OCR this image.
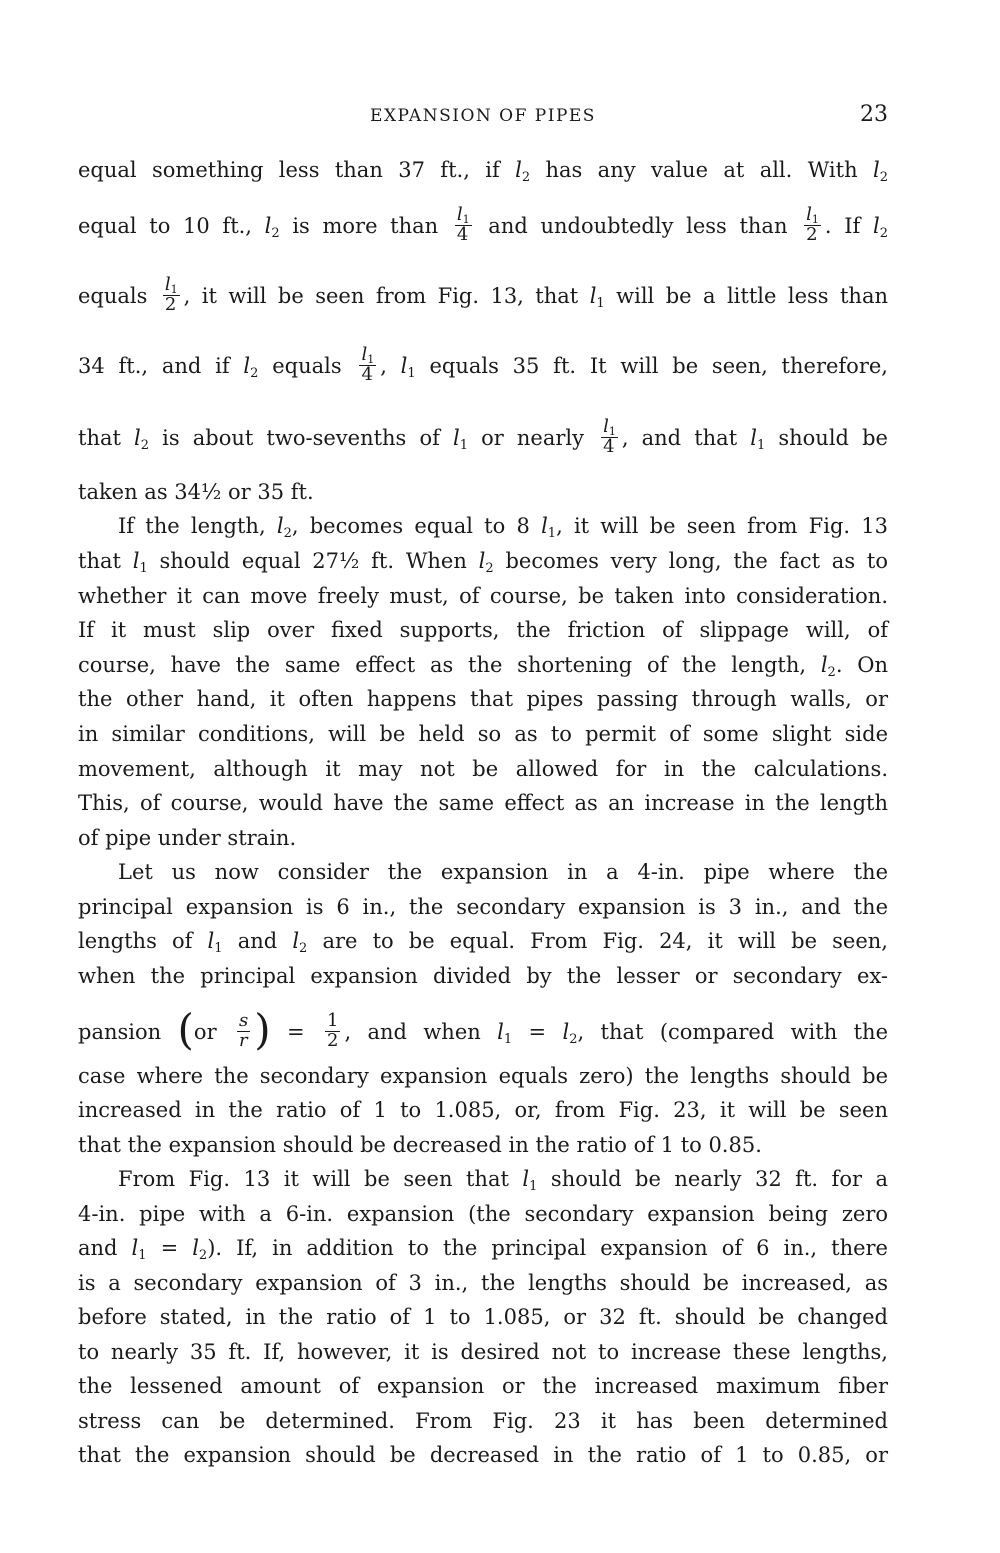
EXPANSION OF PIPES	23
equal something less than 37 ft., if $l_2$ has any value at all. With $l_2$
equal to 10 ft., $l_2$ is more than $\frac{l_1}{4}$ and undoubtedly less than $\frac{l_1}{2}$ . If $l_2$
equals $\frac{l_1}{2}$ , it will be seen from Fig. 13, that $l_1$ will be a little less than
34 ft., and if $l_2$ equals $\frac{l_1}{4}$ , $l_1$ equals 35 ft. It will be seen, therefore,
that $l_2$ is about two-sevenths of $l_1$ or nearly $\frac{l_1}{4}$ , and that $l_1$ should be
taken as 34½ or 35 ft.
If the length, $l_2$, becomes equal to 8 $l_1$, it will be seen from Fig. 13
that $l_1$ should equal 27½ ft. When $l_2$ becomes very long, the fact as to
whether it can move freely must, of course, be taken into consideration.
If it must slip over fixed supports, the friction of slippage will, of
course, have the same effect as the shortening of the length, $l_2$. On
the other hand, it often happens that pipes passing through walls, or
in similar conditions, will be held so as to permit of some slight side
movement, although it may not be allowed for in the calculations.
This, of course, would have the same effect as an increase in the length
of pipe under strain.
Let us now consider the expansion in a 4-in. pipe where the
principal expansion is 6 in., the secondary expansion is 3 in., and the
lengths of $l_1$ and $l_2$ are to be equal. From Fig. 24, it will be seen,
when the principal expansion divided by the lesser or secondary ex-
pansion ($or \frac{s}{r}$ ) = $\frac{1}{2}$ , and when $l_1 = l_2$, that (compared with the
case where the secondary expansion equals zero) the lengths should be
increased in the ratio of 1 to 1.085, or, from Fig. 23, it will be seen
that the expansion should be decreased in the ratio of 1 to 0.85.
From Fig. 13 it will be seen that $l_1$ should be nearly 32 ft. for a
4-in. pipe with a 6-in. expansion (the secondary expansion being zero
and $l_1 = l_2$). If, in addition to the principal expansion of 6 in., there
is a secondary expansion of 3 in., the lengths should be increased, as
before stated, in the ratio of 1 to 1.085, or 32 ft. should be changed
to nearly 35 ft. If, however, it is desired not to increase these lengths,
the lessened amount of expansion or the increased maximum fiber
stress can be determined. From Fig. 23 it has been determined
that the expansion should be decreased in the ratio of 1 to 0.85, or
